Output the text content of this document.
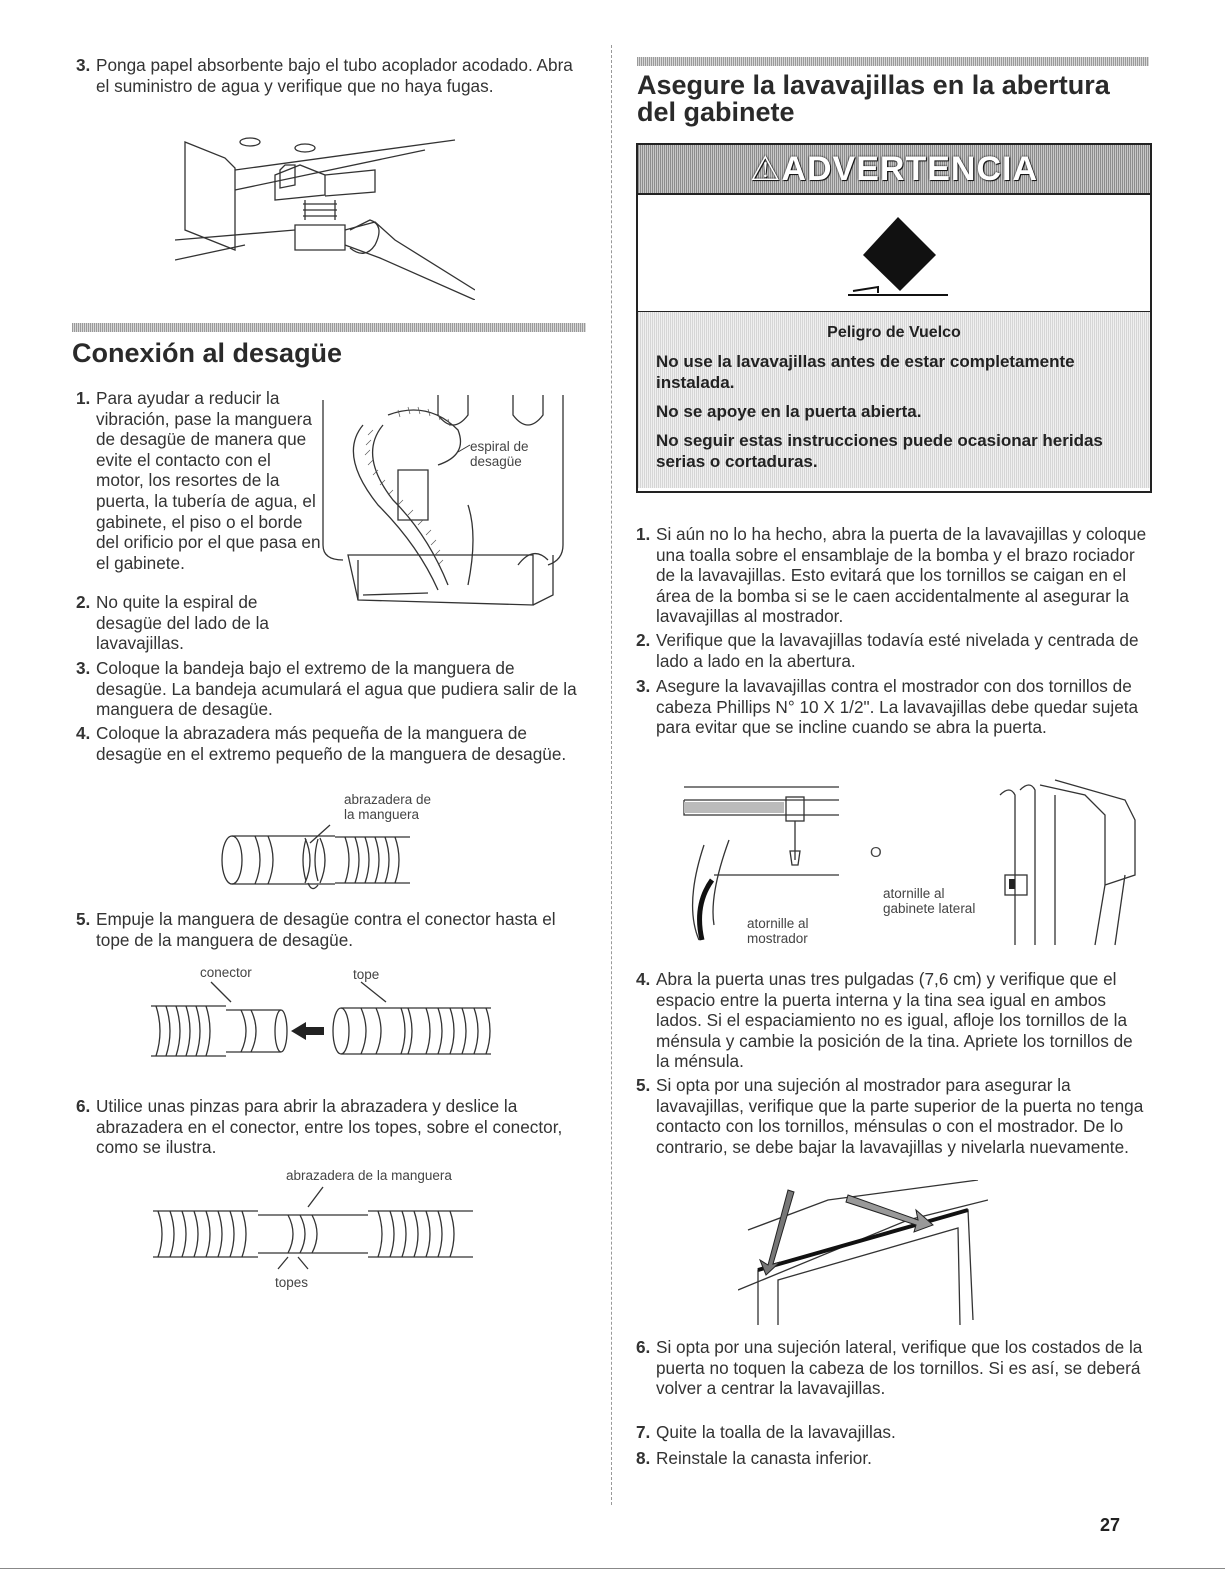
3. Ponga papel absorbente bajo el tubo acoplador acodado. Abra el suministro de agua y verifique que no haya fugas.
Conexión al desagüe
1. Para ayudar a reducir la vibración, pase la manguera de desagüe de manera que evite el contacto con el motor, los resortes de la puerta, la tubería de agua, el gabinete, el piso o el borde del orificio por el que pasa en el gabinete.
2. No quite la espiral de desagüe del lado de la lavavajillas.
espiral de desagüe
3. Coloque la bandeja bajo el extremo de la manguera de desagüe. La bandeja acumulará el agua que pudiera salir de la manguera de desagüe.
4. Coloque la abrazadera más pequeña de la manguera de desagüe en el extremo pequeño de la manguera de desagüe.
abrazadera de la manguera
5. Empuje la manguera de desagüe contra el conector hasta el tope de la manguera de desagüe.
conector	tope
6. Utilice unas pinzas para abrir la abrazadera y deslice la abrazadera en el conector, entre los topes, sobre el conector, como se ilustra.
abrazadera de la manguera
topes
Asegure la lavavajillas en la abertura del gabinete
⚠ADVERTENCIA
Peligro de Vuelco
No use la lavavajillas antes de estar completamente instalada.
No se apoye en la puerta abierta.
No seguir estas instrucciones puede ocasionar heridas serias o cortaduras.
1. Si aún no lo ha hecho, abra la puerta de la lavavajillas y coloque una toalla sobre el ensamblaje de la bomba y el brazo rociador de la lavavajillas. Esto evitará que los tornillos se caigan en el área de la bomba si se le caen accidentalmente al asegurar la lavavajillas al mostrador.
2. Verifique que la lavavajillas todavía esté nivelada y centrada de lado a lado en la abertura.
3. Asegure la lavavajillas contra el mostrador con dos tornillos de cabeza Phillips N° 10 X 1/2". La lavavajillas debe quedar sujeta para evitar que se incline cuando se abra la puerta.
atornille al mostrador
O
atornille al gabinete lateral
4. Abra la puerta unas tres pulgadas (7,6 cm) y verifique que el espacio entre la puerta interna y la tina sea igual en ambos lados. Si el espaciamiento no es igual, afloje los tornillos de la ménsula y cambie la posición de la tina. Apriete los tornillos de la ménsula.
5. Si opta por una sujeción al mostrador para asegurar la lavavajillas, verifique que la parte superior de la puerta no tenga contacto con los tornillos, ménsulas o con el mostrador. De lo contrario, se debe bajar la lavavajillas y nivelarla nuevamente.
6. Si opta por una sujeción lateral, verifique que los costados de la puerta no toquen la cabeza de los tornillos. Si es así, se deberá volver a centrar la lavavajillas.
7. Quite la toalla de la lavavajillas.
8. Reinstale la canasta inferior.
27
